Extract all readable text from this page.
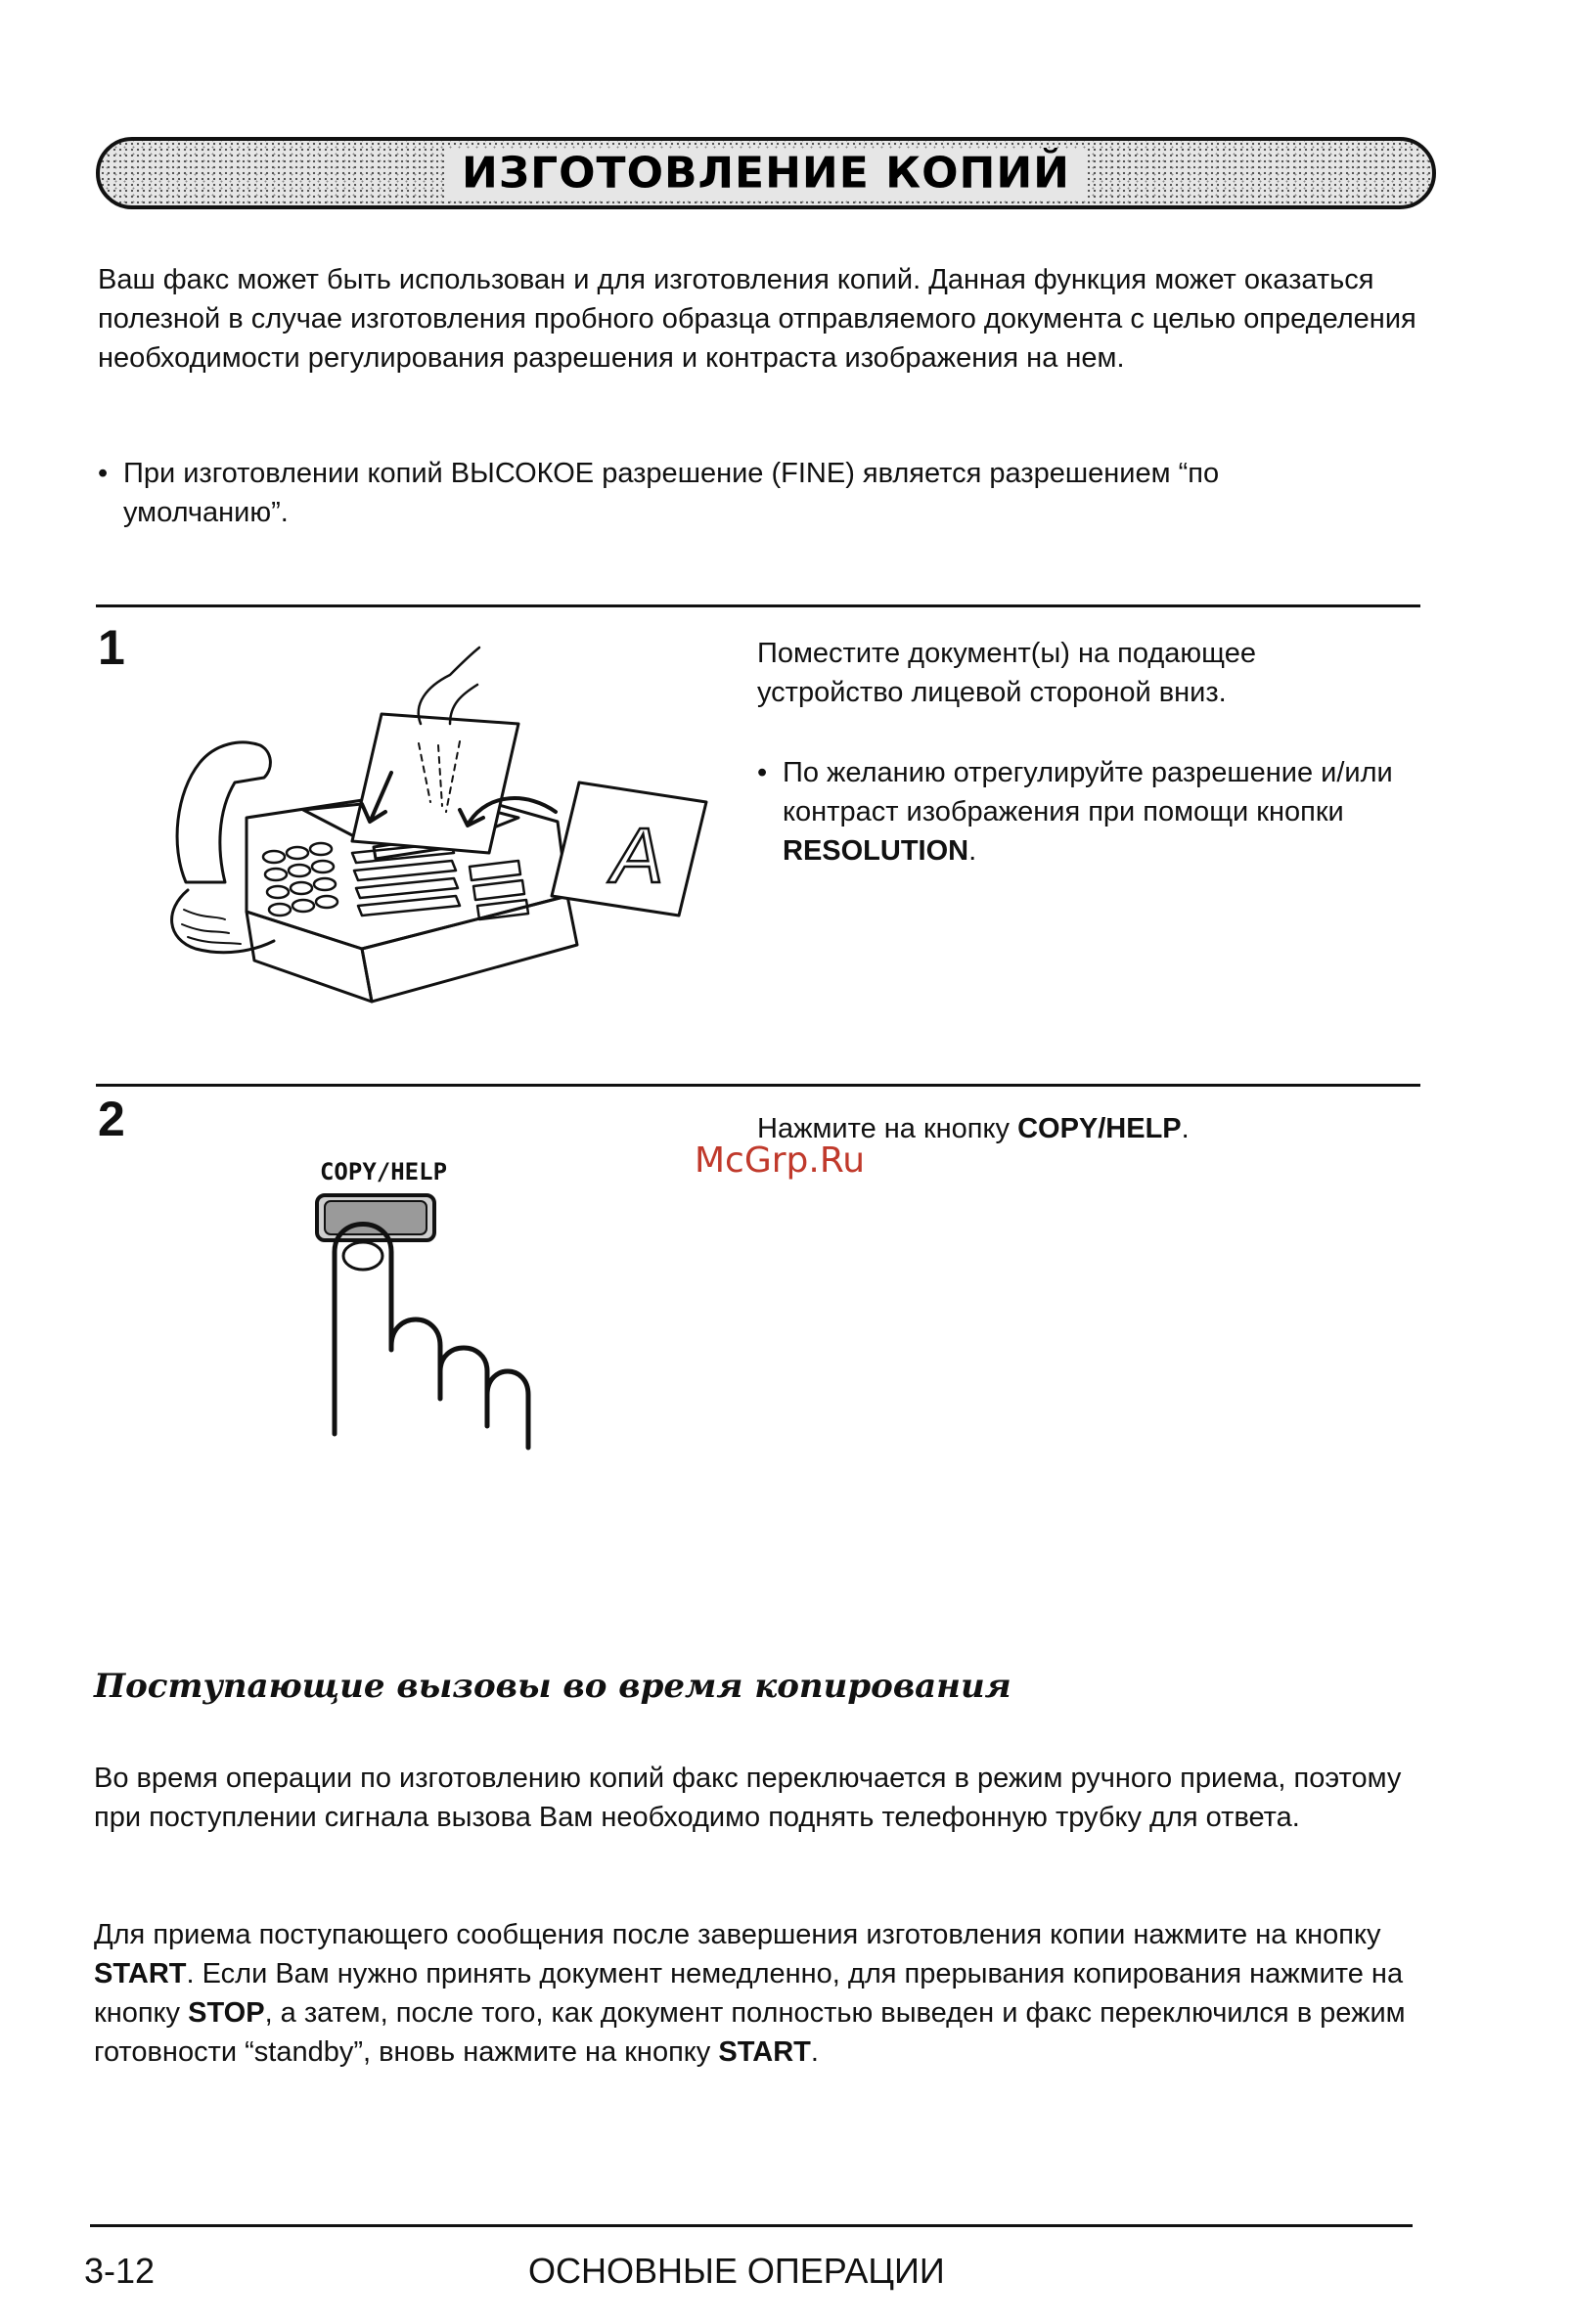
ИЗГОТОВЛЕНИЕ КОПИЙ
Ваш факс может быть использован и для изготовления копий. Данная функция может оказаться полезной в случае изготовления пробного образца отправляемого документа с целью определения необходимости регулирования разрешения и контраста изображения на нем.
• При изготовлении копий ВЫСОКОЕ разрешение (FINE) является разрешением “по умолчанию”.
1
A
Поместите документ(ы) на подающее устройство лицевой стороной вниз.
• По желанию отрегулируйте разрешение и/или контраст изображения при помощи кнопки RESOLUTION.
2
COPY/HELP
Нажмите на кнопку COPY/HELP.
McGrp.Ru
Поступающие вызовы во время копирования
Во время операции по изготовлению копий факс переключается в режим ручного приема, поэтому при поступлении сигнала вызова Вам необходимо поднять телефонную трубку для ответа.
Для приема поступающего сообщения после завершения изготовления копии нажмите на кнопку START. Если Вам нужно принять документ немедленно, для прерывания копирования нажмите на кнопку STOP, а затем, после того, как документ полностью выведен и факс переключился в режим готовности “standby”, вновь нажмите на кнопку START.
3-12	ОСНОВНЫЕ ОПЕРАЦИИ
